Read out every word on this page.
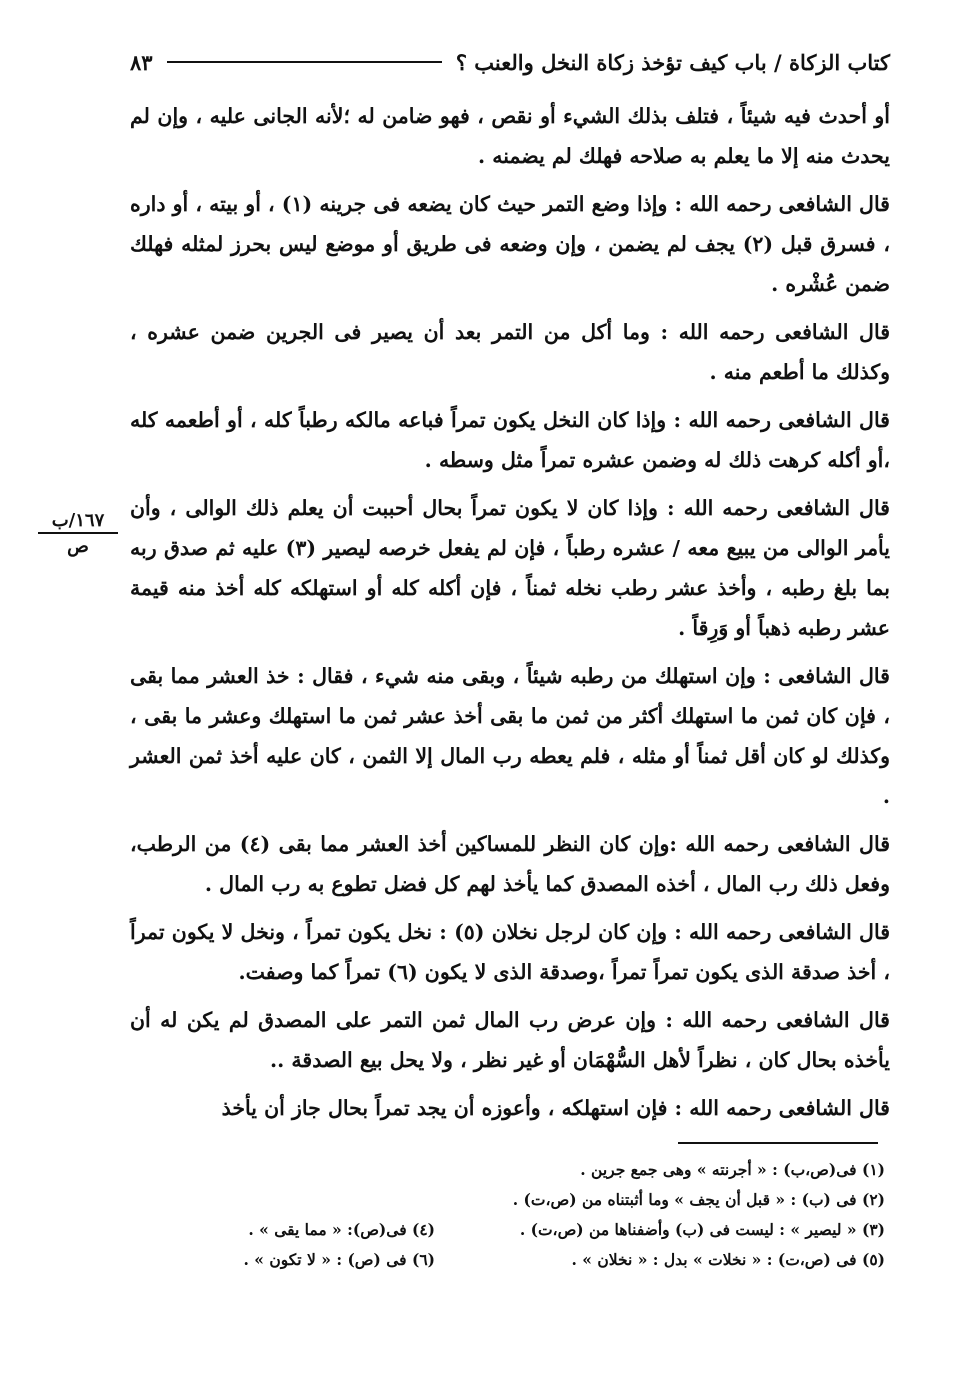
كتاب الزكاة / باب كيف تؤخذ زكاة النخل والعنب ؟
٨٣
١٦٧/ب
ص

أو أحدث فيه شيئاً ، فتلف بذلك الشيء أو نقص ، فهو ضامن له ؛لأنه الجانى عليه ، وإن لم يحدث منه إلا ما يعلم به صلاحه فهلك لم يضمنه .

قال الشافعى رحمه الله : وإذا وضع التمر حيث كان يضعه فى جرينه (١) ، أو بيته ، أو داره ، فسرق قبل (٢) يجف لم يضمن ، وإن وضعه فى طريق أو موضع ليس بحرز لمثله فهلك ضمن عُشْره .

قال الشافعى رحمه الله : وما أكل من التمر بعد أن يصير فى الجرين ضمن عشره ، وكذلك ما أطعم منه .

قال الشافعى رحمه الله : وإذا كان النخل يكون تمراً فباعه مالكه رطباً كله ، أو أطعمه كله ،أو أكله كرهت ذلك له وضمن عشره تمراً مثل وسطه .

قال الشافعى رحمه الله : وإذا كان لا يكون تمراً بحال أحببت أن يعلم ذلك الوالى ، وأن يأمر الوالى من يبيع معه / عشره رطباً ، فإن لم يفعل خرصه ليصير (٣) عليه ثم صدق ربه بما بلغ رطبه ، وأخذ عشر رطب نخله ثمناً ، فإن أكله كله أو استهلكه كله أخذ منه قيمة عشر رطبه ذهباً أو وَرِقاً .

قال الشافعى : وإن استهلك من رطبه شيئاً ، وبقى منه شيء ، فقال : خذ العشر مما بقى ، فإن كان ثمن ما استهلك أكثر من ثمن ما بقى أخذ عشر ثمن ما استهلك وعشر ما بقى ، وكذلك لو كان أقل ثمناً أو مثله ، فلم يعطه رب المال إلا الثمن ، كان عليه أخذ ثمن العشر .

قال الشافعى رحمه الله :وإن كان النظر للمساكين أخذ العشر مما بقى (٤) من الرطب، وفعل ذلك رب المال ، أخذه المصدق كما يأخذ لهم كل فضل تطوع به رب المال .

قال الشافعى رحمه الله : وإن كان لرجل نخلان (٥) : نخل يكون تمراً ، ونخل لا يكون تمراً ، أخذ صدقة الذى يكون تمراً تمراً ،وصدقة الذى لا يكون (٦) تمراً كما وصفت.

قال الشافعى رحمه الله : وإن عرض رب المال ثمن التمر على المصدق لم يكن له أن يأخذه بحال كان ، نظراً لأهل السُّهْمَان أو غير نظر ، ولا يحل بيع الصدقة ..

قال الشافعى رحمه الله : فإن استهلكه ، وأعوزه أن يجد تمراً بحال جاز أن يأخذ

(١) فى(ص،ب) : « أجرنته » وهى جمع جرين .
(٢) فى (ب) : « قبل أن يجف » وما أثبتناه من (ص،ت) .
(٣) « ليصير » : ليست فى (ب) وأضفناها من (ص،ت) .
(٤) فى(ص): « مما يقى » .
(٥) فى (ص،ت) : « نخلات » بدل : « نخلان » .
(٦) فى (ص) : « لا تكون » .
